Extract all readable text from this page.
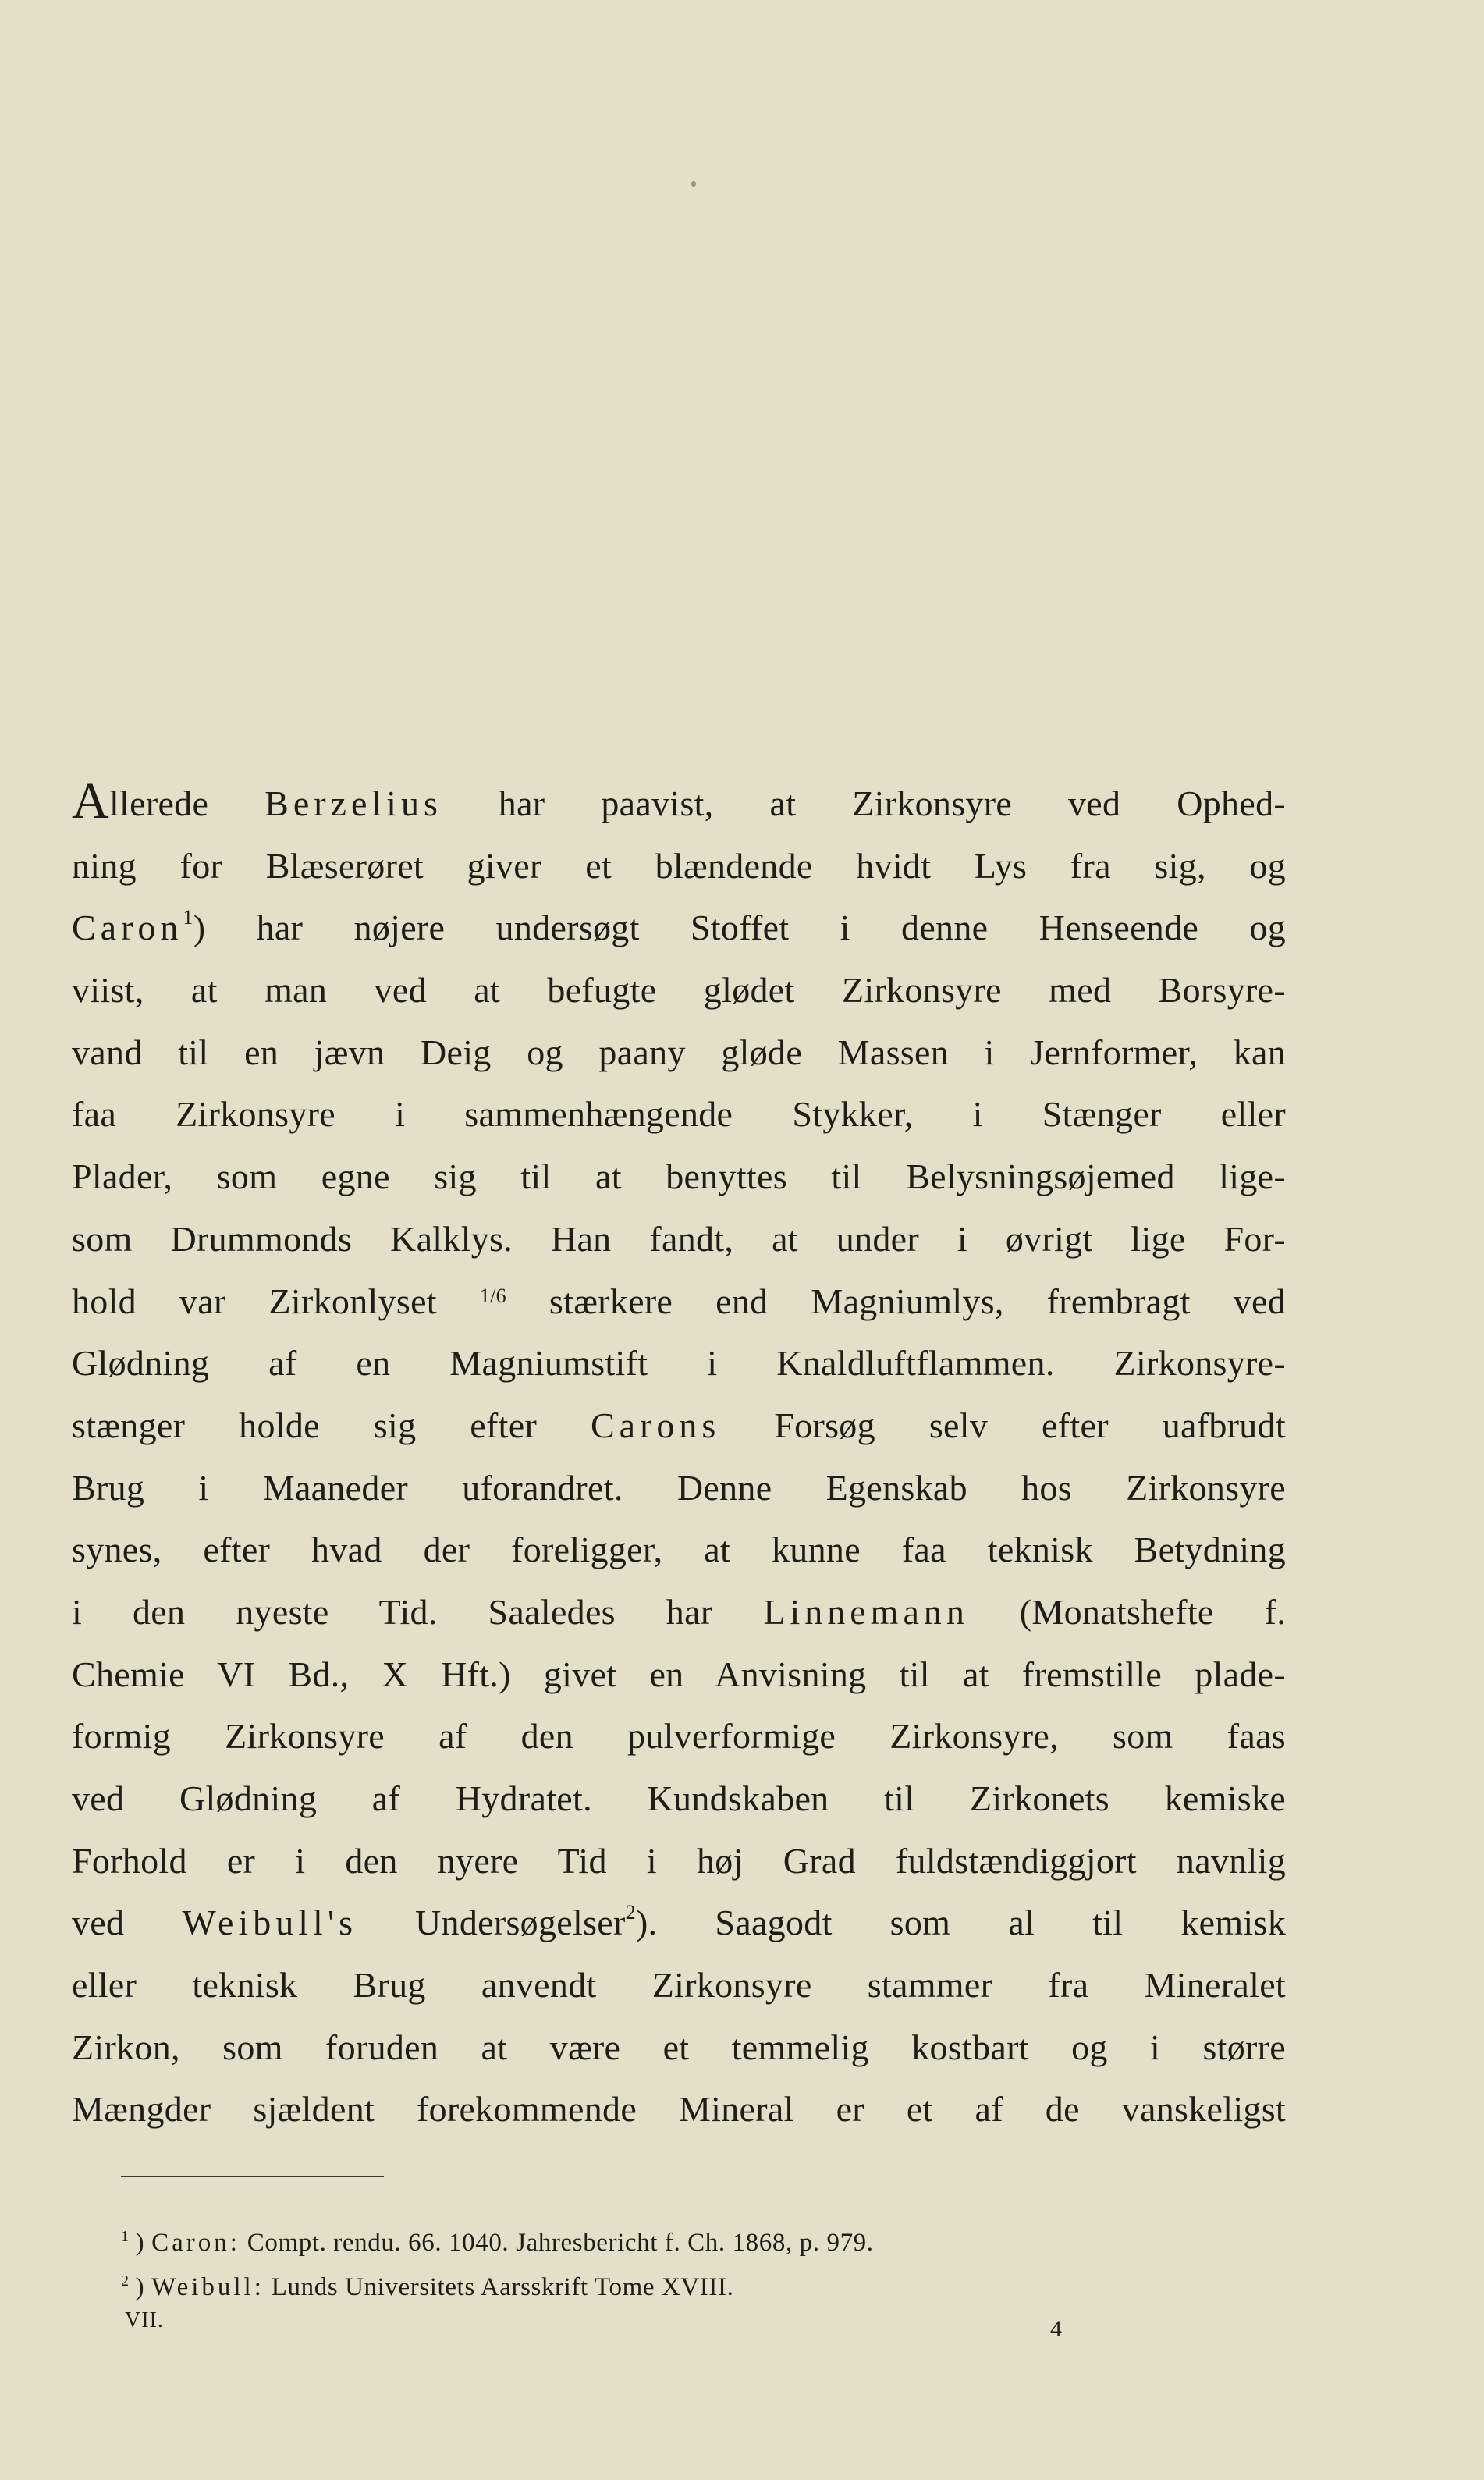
Allerede Berzelius har paavist, at Zirkonsyre ved Ophed-
ning for Blæserøret giver et blændende hvidt Lys fra sig, og
Caron$^1$) har nøjere undersøgt Stoffet i denne Henseende og
viist, at man ved at befugte glødet Zirkonsyre med Borsyre-
vand til en jævn Deig og paany gløde Massen i Jernformer, kan
faa Zirkonsyre i sammenhængende Stykker, i Stænger eller
Plader, som egne sig til at benyttes til Belysningsøjemed lige-
som Drummonds Kalklys. Han fandt, at under i øvrigt lige For-
hold var Zirkonlyset $^{1/6}$ stærkere end Magniumlys, frembragt ved
Glødning af en Magniumstift i Knaldluftflammen. Zirkonsyre-
stænger holde sig efter Carons Forsøg selv efter uafbrudt
Brug i Maaneder uforandret. Denne Egenskab hos Zirkonsyre
synes, efter hvad der foreligger, at kunne faa teknisk Betydning
i den nyeste Tid. Saaledes har Linnemann (Monatshefte f.
Chemie VI Bd., X Hft.) givet en Anvisning til at fremstille plade-
formig Zirkonsyre af den pulverformige Zirkonsyre, som faas
ved Glødning af Hydratet. Kundskaben til Zirkonets kemiske
Forhold er i den nyere Tid i høj Grad fuldstændiggjort navnlig
ved Weibull's Undersøgelser$^2$). Saagodt som al til kemisk
eller teknisk Brug anvendt Zirkonsyre stammer fra Mineralet
Zirkon, som foruden at være et temmelig kostbart og i større
Mængder sjældent forekommende Mineral er et af de vanskeligst
$^1$ ) Caron: Compt. rendu. 66. 1040. Jahresbericht f. Ch. 1868, p. 979.
$^2$ ) Weibull: Lunds Universitets Aarsskrift Tome XVIII.
VII.	4
